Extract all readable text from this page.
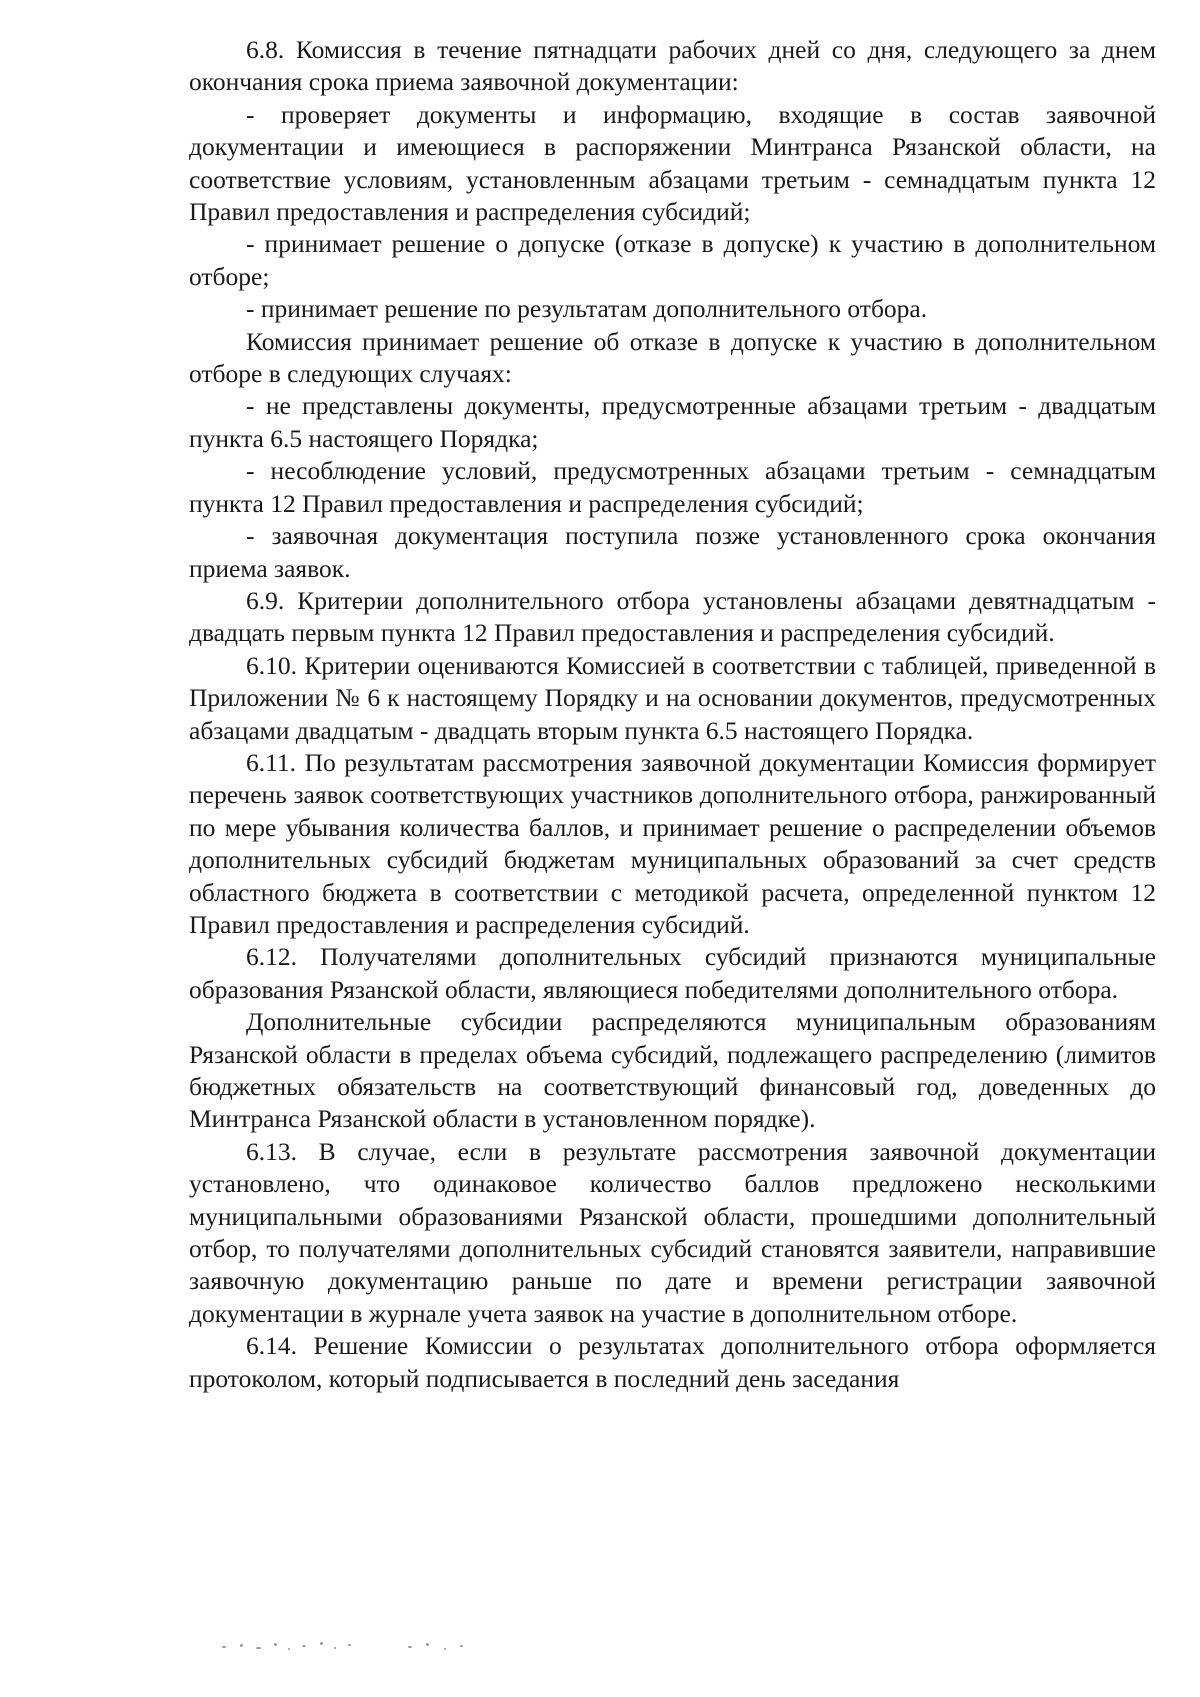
6.8. Комиссия в течение пятнадцати рабочих дней со дня, следующего за днем окончания срока приема заявочной документации:

- проверяет документы и информацию, входящие в состав заявочной документации и имеющиеся в распоряжении Минтранса Рязанской области, на соответствие условиям, установленным абзацами третьим - семнадцатым пункта 12 Правил предоставления и распределения субсидий;

- принимает решение о допуске (отказе в допуске) к участию в дополнительном отборе;

- принимает решение по результатам дополнительного отбора.

Комиссия принимает решение об отказе в допуске к участию в дополнительном отборе в следующих случаях:

- не представлены документы, предусмотренные абзацами третьим - двадцатым пункта 6.5 настоящего Порядка;

- несоблюдение условий, предусмотренных абзацами третьим - семнадцатым пункта 12 Правил предоставления и распределения субсидий;

- заявочная документация поступила позже установленного срока окончания приема заявок.

6.9. Критерии дополнительного отбора установлены абзацами девятнадцатым - двадцать первым пункта 12 Правил предоставления и распределения субсидий.

6.10. Критерии оцениваются Комиссией в соответствии с таблицей, приведенной в Приложении № 6 к настоящему Порядку и на основании документов, предусмотренных абзацами двадцатым - двадцать вторым пункта 6.5 настоящего Порядка.

6.11. По результатам рассмотрения заявочной документации Комиссия формирует перечень заявок соответствующих участников дополнительного отбора, ранжированный по мере убывания количества баллов, и принимает решение о распределении объемов дополнительных субсидий бюджетам муниципальных образований за счет средств областного бюджета в соответствии с методикой расчета, определенной пунктом 12 Правил предоставления и распределения субсидий.

6.12. Получателями дополнительных субсидий признаются муниципальные образования Рязанской области, являющиеся победителями дополнительного отбора.

Дополнительные субсидии распределяются муниципальным образованиям Рязанской области в пределах объема субсидий, подлежащего распределению (лимитов бюджетных обязательств на соответствующий финансовый год, доведенных до Минтранса Рязанской области в установленном порядке).

6.13. В случае, если в результате рассмотрения заявочной документации установлено, что одинаковое количество баллов предложено несколькими муниципальными образованиями Рязанской области, прошедшими дополнительный отбор, то получателями дополнительных субсидий становятся заявители, направившие заявочную документацию раньше по дате и времени регистрации заявочной документации в журнале учета заявок на участие в дополнительном отборе.

6.14. Решение Комиссии о результатах дополнительного отбора оформляется протоколом, который подписывается в последний день заседания
